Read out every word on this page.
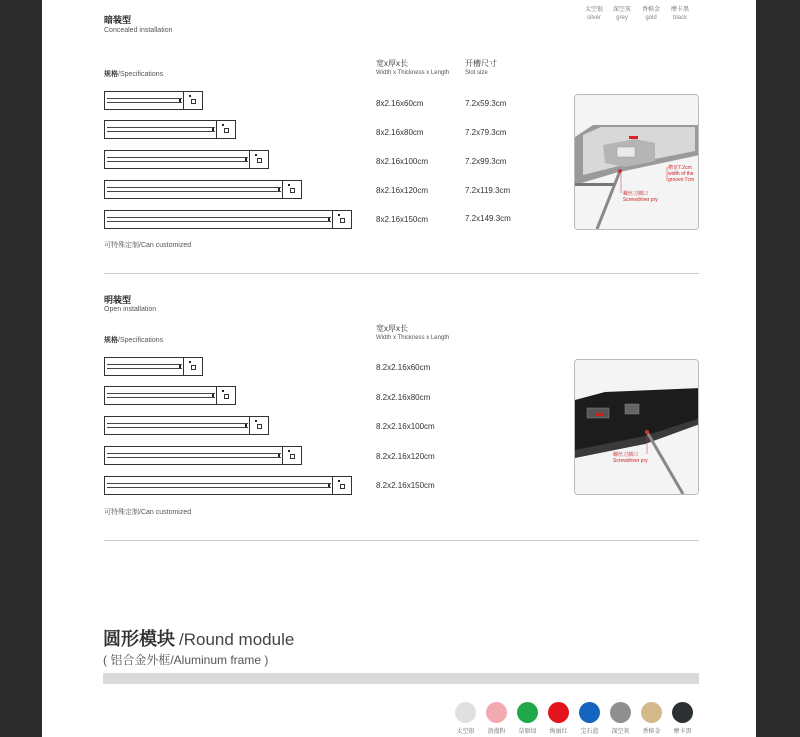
太空银
silver
深空灰
grey
香槟金
gold
摩卡黑
black
暗装型
Concealed installation
规格/Specifications
宽x厚x长
Width x Thickness x Length
开槽尺寸
Slot size
8x2.16x60cm	7.2x59.3cm
8x2.16x80cm	7.2x79.3cm
8x2.16x100cm	7.2x99.3cm
8x2.16x120cm	7.2x119.3cm
8x2.16x150cm	7.2x149.3cm
可特殊定制/Can customized
槽宽7.2cm
width of the
groove:7cm
螺丝刀插口
Screwdriver pry
明装型
Open installation
规格/Specifications
宽x厚x长
Width x Thickness x Length
8.2x2.16x60cm
8.2x2.16x80cm
8.2x2.16x100cm
8.2x2.16x120cm
8.2x2.16x150cm
可特殊定制/Can customized
螺丝刀插口
Screwdriver pry
圆形模块 /Round module
( 铝合金外框/Aluminum frame )
太空银	浪漫粉	草原绿	绚丽红	宝石蓝	深空灰	香槟金	摩卡黑
